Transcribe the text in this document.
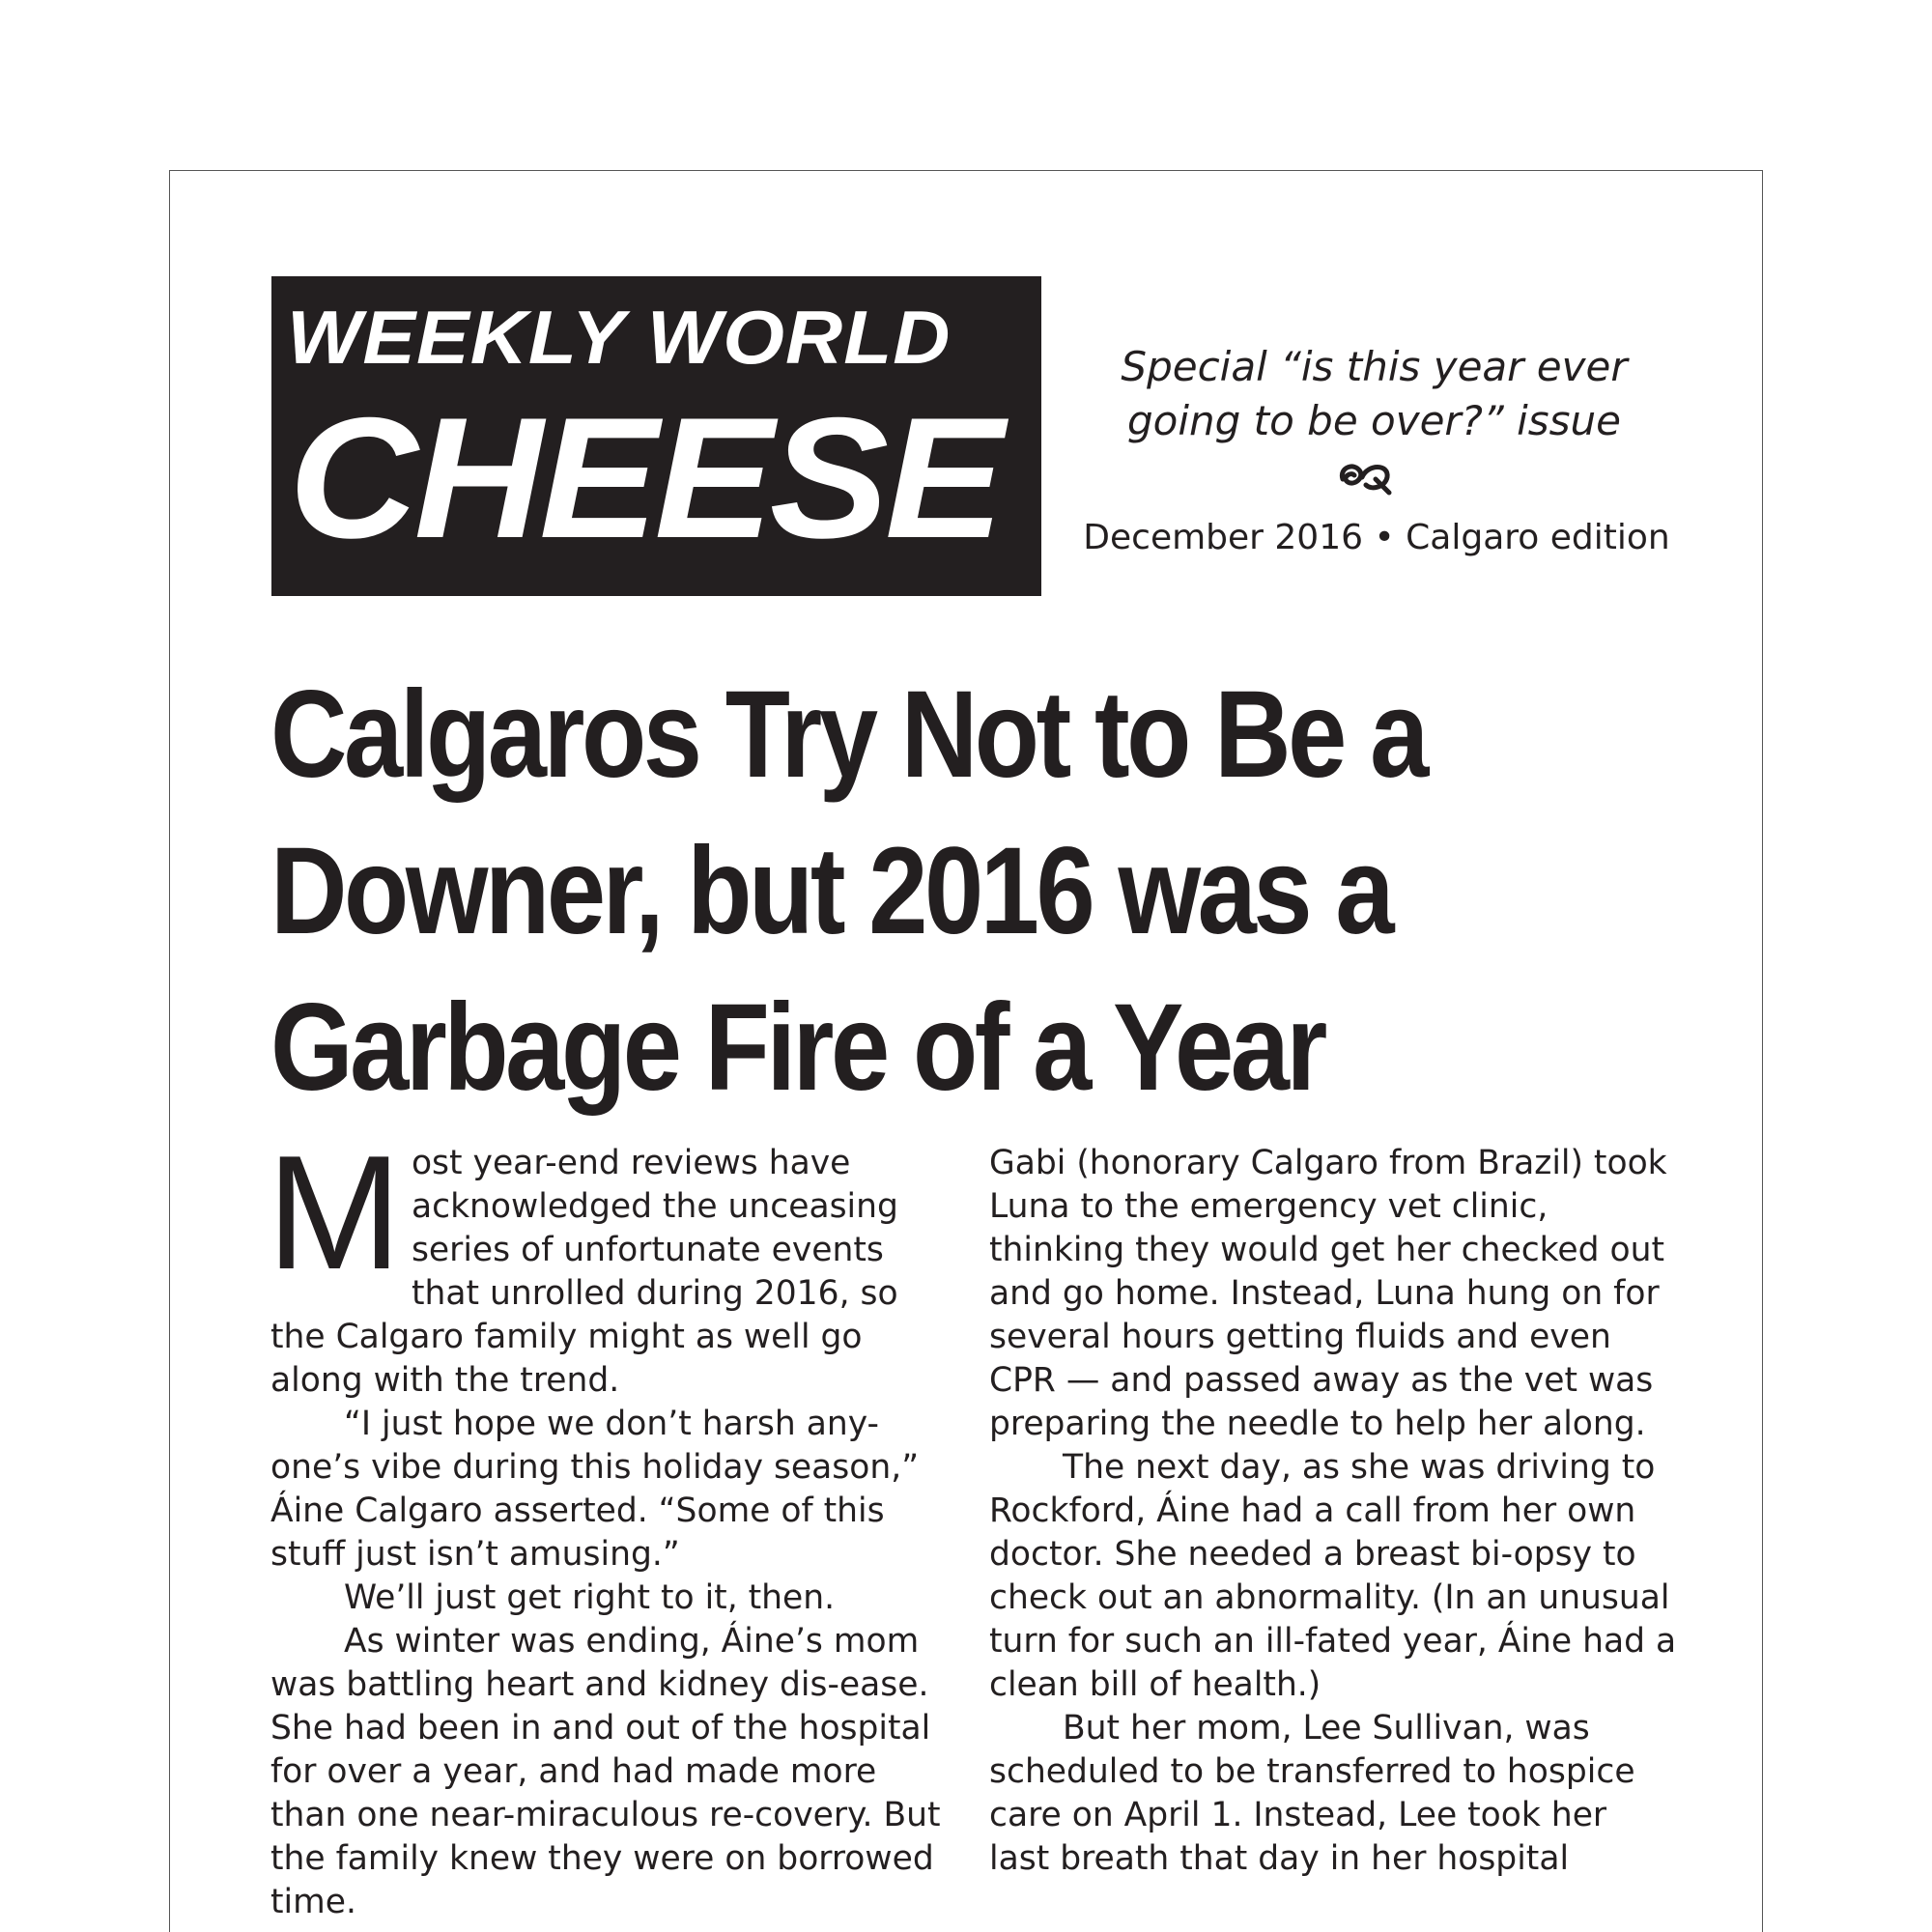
WEEKLY WORLD
CHEESE
Special “is this year ever
going to be over?” issue
December 2016 • Calgaro edition
Calgaros Try Not to Be a
Downer, but 2016 was a
Garbage Fire of a Year

Most year-end reviews have acknowledged the unceasing series of unfortunate events that unrolled during 2016, so the Calgaro family might as well go along with the trend.

“I just hope we don’t harsh any-one’s vibe during this holiday season,” Áine Calgaro asserted. “Some of this stuff just isn’t amusing.”

We’ll just get right to it, then.

As winter was ending, Áine’s mom was battling heart and kidney dis-ease. She had been in and out of the hospital for over a year, and had made more than one near-miraculous re-covery. But the family knew they were on borrowed time.

Gabi (honorary Calgaro from Brazil) took Luna to the emergency vet clinic, thinking they would get her checked out and go home. Instead, Luna hung on for several hours getting fluids and even CPR — and passed away as the vet was preparing the needle to help her along.

The next day, as she was driving to Rockford, Áine had a call from her own doctor. She needed a breast bi-opsy to check out an abnormality. (In an unusual turn for such an ill-fated year, Áine had a clean bill of health.)

But her mom, Lee Sullivan, was scheduled to be transferred to hospice care on April 1. Instead, Lee took her last breath that day in her hospital
